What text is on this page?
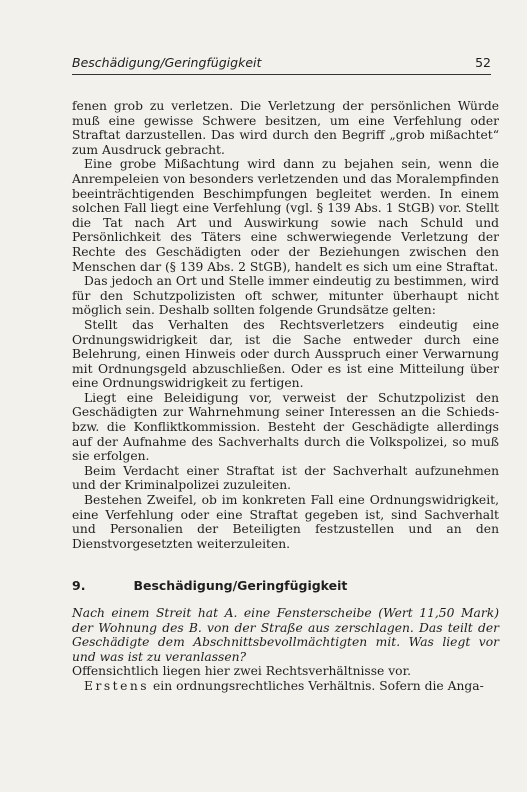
Beschädigung/Geringfügigkeit	52

fenen grob zu verletzen. Die Verletzung der persönlichen Würde muß eine gewisse Schwere besitzen, um eine Verfehlung oder Straftat darzustellen. Das wird durch den Begriff „grob mißachtet“ zum Ausdruck gebracht.

Eine grobe Mißachtung wird dann zu bejahen sein, wenn die Anrempeleien von besonders verletzenden und das Moralempfinden beeinträchtigenden Beschimpfungen begleitet werden. In einem solchen Fall liegt eine Verfehlung (vgl. § 139 Abs. 1 StGB) vor. Stellt die Tat nach Art und Auswirkung sowie nach Schuld und Persönlichkeit des Täters eine schwerwiegende Verletzung der Rechte des Geschädigten oder der Beziehungen zwischen den Menschen dar (§ 139 Abs. 2 StGB), handelt es sich um eine Straftat.

Das jedoch an Ort und Stelle immer eindeutig zu bestimmen, wird für den Schutzpolizisten oft schwer, mitunter überhaupt nicht möglich sein. Deshalb sollten folgende Grundsätze gelten:

Stellt das Verhalten des Rechtsverletzers eindeutig eine Ordnungswidrigkeit dar, ist die Sache entweder durch eine Belehrung, einen Hinweis oder durch Ausspruch einer Verwarnung mit Ordnungsgeld abzuschließen. Oder es ist eine Mitteilung über eine Ordnungswidrigkeit zu fertigen.

Liegt eine Beleidigung vor, verweist der Schutzpolizist den Geschädigten zur Wahrnehmung seiner Interessen an die Schieds- bzw. die Konfliktkommission. Besteht der Geschädigte allerdings auf der Aufnahme des Sachverhalts durch die Volkspolizei, so muß sie erfolgen.

Beim Verdacht einer Straftat ist der Sachverhalt aufzunehmen und der Kriminalpolizei zuzuleiten.

Bestehen Zweifel, ob im konkreten Fall eine Ordnungswidrigkeit, eine Verfehlung oder eine Straftat gegeben ist, sind Sachverhalt und Personalien der Beteiligten festzustellen und an den Dienstvorgesetzten weiterzuleiten.

9.	Beschädigung/Geringfügigkeit

Nach einem Streit hat A. eine Fensterscheibe (Wert 11,50 Mark) der Wohnung des B. von der Straße aus zerschlagen. Das teilt der Geschädigte dem Abschnittsbevollmächtigten mit. Was liegt vor und was ist zu veranlassen?

Offensichtlich liegen hier zwei Rechtsverhältnisse vor.

Erstens ein ordnungsrechtliches Verhältnis. Sofern die Anga-
